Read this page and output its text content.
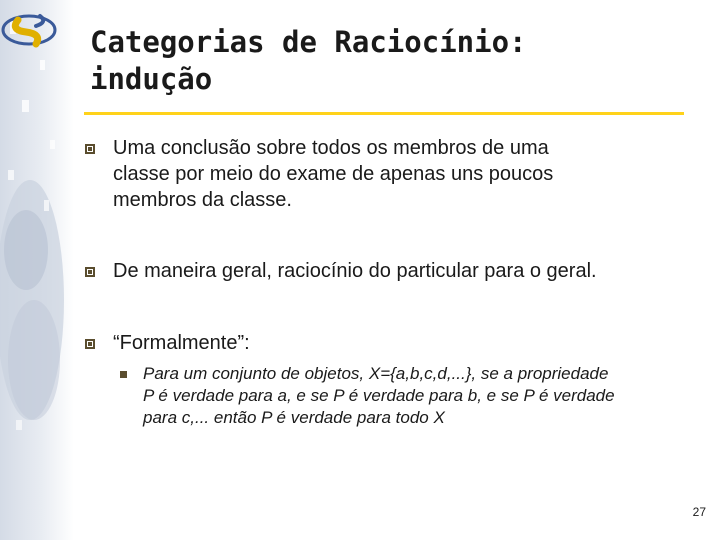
Categorias de Raciocínio:
indução

Uma conclusão sobre todos os membros de uma
classe por meio do exame de apenas uns poucos
membros da classe.

De maneira geral, raciocínio do particular para o geral.

“Formalmente”:

Para um conjunto de objetos, X={a,b,c,d,...}, se a propriedade
P é verdade para a, e se P é verdade para b, e se P é verdade
para c,... então P é verdade para todo X

27
